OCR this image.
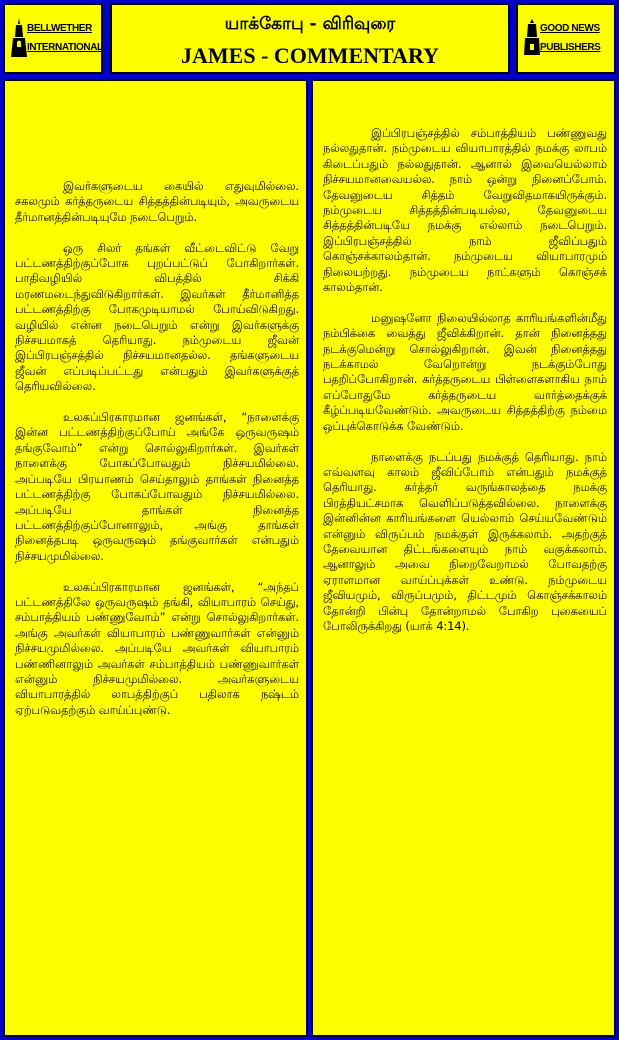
BELLWETHER
INTERNATIONAL
யாக்கோபு - விரிவுரை
JAMES - COMMENTARY
GOOD NEWS
PUBLISHERS

இவர்களுடைய கையில் எதுவுமில்லை. சகலமும் கர்த்தருடைய சித்தத்தின்படியும், அவருடைய தீர்மானத்தின்படியுமே நடைபெறும்.

ஒரு சிலர் தங்கள் வீட்டைவிட்டு வேறு பட்டணத்திற்குப்போக புறப்பட்டுப் போகிறார்கள். பாதிவழியில் விபத்தில் சிக்கி மரணமடைந்துவிடுகிறார்கள். இவர்கள் தீர்மானித்த பட்டணத்திற்கு போகமுடியாமல் போய்விடுகிறது. வழியில் என்ன நடைபெறும் என்று இவர்களுக்கு நிச்சயமாகத் தெரியாது. நம்முடைய ஜீவன் இப்பிரபஞ்சத்தில் நிச்சயமானதல்ல. தங்களுடைய ஜீவன் எப்படிப்பட்டது என்பதும் இவர்களுக்குத் தெரியவில்லை.

உலகப்பிரகாரமான ஜனங்கள், “நாளைக்கு இன்ன பட்டணத்திற்குப்போய் அங்கே ஒருவருஷம் தங்குவோம்” என்று சொல்லுகிறார்கள். இவர்கள் நாளைக்கு போகப்போவதும் நிச்சயமில்லை. அப்படியே பிரயாணம் செய்தாலும் தாங்கள் நினைத்த பட்டணத்திற்கு போகப்போவதும் நிச்சயமில்லை. அப்படியே தாங்கள் நினைத்த பட்டணத்திற்குப்போனாலும், அங்கு தாங்கள் நினைத்தபடி ஒருவருஷம் தங்குவார்கள் என்பதும் நிச்சயமுமில்லை.

உலகப்பிரகாரமான ஜனங்கள், “அந்தப் பட்டணத்திலே ஒருவருஷம் தங்கி, வியாபாரம் செய்து, சம்பாத்தியம் பண்ணுவோம்” என்று சொல்லுகிறார்கள். அங்கு அவர்கள் வியாபாரம் பண்ணுவார்கள் என்னும் நிச்சயமுமில்லை. அப்படியே அவர்கள் வியாபாரம் பண்ணினாலும் அவர்கள் சம்பாத்தியம் பண்ணுவார்கள் என்னும் நிச்சயமுமில்லை. அவர்களுடைய வியாபாரத்தில் லாபத்திற்குப் பதிலாக நஷ்டம் ஏற்படுவதற்கும் வாய்ப்புண்டு.

இப்பிரபஞ்சத்தில் சம்பாத்தியம் பண்ணுவது நல்லதுதான். நம்முடைய வியாபாரத்தில் நமக்கு லாபம் கிடைப்பதும் நல்லதுதான். ஆனால் இவையெல்லாம் நிச்சயமானவையல்ல. நாம் ஒன்று நினைப்போம். தேவனுடைய சித்தம் வேறுவிதமாகயிருக்கும். நம்முடைய சித்தத்தின்படியல்ல, தேவனுடைய சித்தத்தின்படியே நமக்கு எல்லாம் நடைபெறும். இப்பிரபஞ்சத்தில் நாம் ஜீவிப்பதும் கொஞ்சக்காலம்தான். நம்முடைய வியாபாரமும் நிலையற்றது. நம்முடைய நாட்களும் கொஞ்சக் காலம்தான்.

மனுஷனோ நிலையில்லாத காரியங்களின்மீது நம்பிக்கை வைத்து ஜீவிக்கிறான். தான் நினைத்தது நடக்குமென்று சொல்லுகிறான். இவன் நினைத்தது நடக்காமல் வேறொன்று நடக்கும்போது பதறிப்போகிறான். கர்த்தருடைய பிள்ளைகளாகிய நாம் எப்போதுமே கர்த்தருடைய வார்த்தைக்குக் கீழ்ப்படியவேண்டும். அவருடைய சித்தத்திற்கு நம்மை ஒப்புக்கொடுக்க வேண்டும்.

நாளைக்கு நடப்பது நமக்குத் தெரியாது. நாம் எவ்வளவு காலம் ஜீவிப்போம் என்பதும் நமக்குத் தெரியாது. கர்த்தர் வருங்காலத்தை நமக்கு பிரத்தியட்சமாக வெளிப்படுத்தவில்லை. நாளைக்கு இன்னின்ன காரியங்களை யெல்லாம் செய்யவேண்டும் என்னும் விருப்பம் நமக்குள் இருக்கலாம். அதற்குத் தேவையான திட்டங்களையும் நாம் வகுக்கலாம். ஆனாலும் அவை நிறைவேறாமல் போவதற்கு ஏராளமான வாய்ப்புக்கள் உண்டு. நம்முடைய ஜீவியமும், விருப்பமும், திட்டமும் கொஞ்சக்காலம் தோன்றி பின்பு தோன்றாமல் போகிற புகையைப் போலிருக்கிறது (யாக் 4:14).
